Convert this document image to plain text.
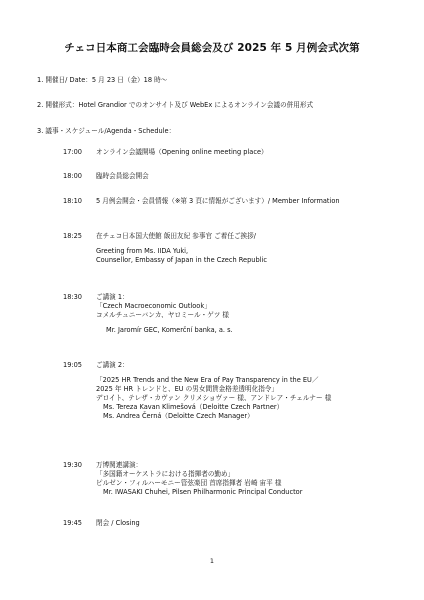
チェコ日本商工会臨時会員総会及び 2025 年 5 月例会式次第
1. 開催日/ Date：5 月 23 日（金）18 時～
2. 開催形式：Hotel Grandior でのオンサイト及び WebEx によるオンライン会議の併用形式
3. 議事・スケジュール/Agenda・Schedule：
17:00	オンライン会議開場（Opening online meeting place）
18:00	臨時会員総会開会
18:10	5 月例会開会・会員情報（※第 3 頁に情報がございます）/ Member Information
18:25	在チェコ日本国大使館 飯田友紀 参事官 ご着任ご挨拶/
Greeting from Ms. IIDA Yuki,
Counsellor, Embassy of Japan in the Czech Republic
18:30	ご講演 1：
「Czech Macroeconomic Outlook」
コメルチュニーバンカ、ヤロミール・ゲツ 様
Mr. Jaromír GEC, Komerční banka, a. s.
19:05	ご講演 2：
「2025 HR Trends and the New Era of Pay Transparency in the EU／
2025 年 HR トレンドと、EU の男女間賃金格差透明化指令」
デロイト、テレザ・カヴァン クリメショヴァー 様、アンドレア・チェルナー 様
Ms. Tereza Kavan Klimešová（Deloitte Czech Partner）
Ms. Andrea Černá（Deloitte Czech Manager）
19:30	万博関連講演：
「多国籍オーケストラにおける指揮者の勤め」
ピルゼン・フィルハーモニー管弦楽団 首席指揮者 岩崎 宙平 様
Mr. IWASAKI Chuhei, Pilsen Philharmonic Principal Conductor
19:45	閉会 / Closing
1
